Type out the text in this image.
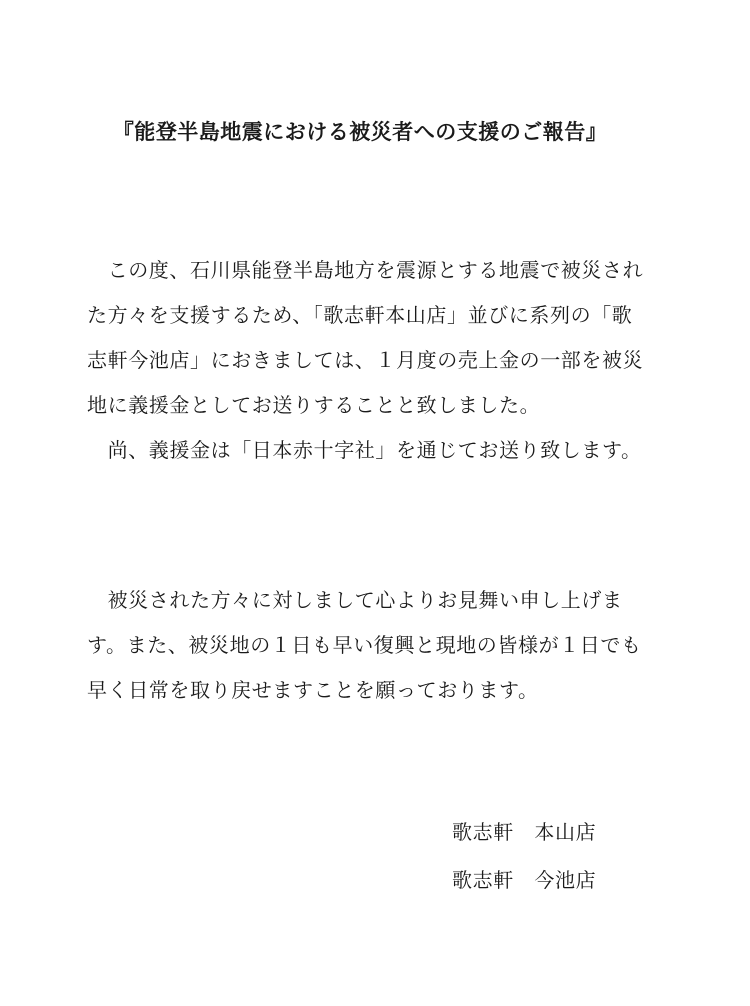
『能登半島地震における被災者への支援のご報告』
　この度、石川県能登半島地方を震源とする地震で被災され
た方々を支援するため、「歌志軒本山店」並びに系列の「歌
志軒今池店」におきましては、１月度の売上金の一部を被災
地に義援金としてお送りすることと致しました。
　尚、義援金は「日本赤十字社」を通じてお送り致します。
　被災された方々に対しまして心よりお見舞い申し上げま
す。また、被災地の１日も早い復興と現地の皆様が１日でも
早く日常を取り戻せますことを願っております。
歌志軒　本山店
歌志軒　今池店
